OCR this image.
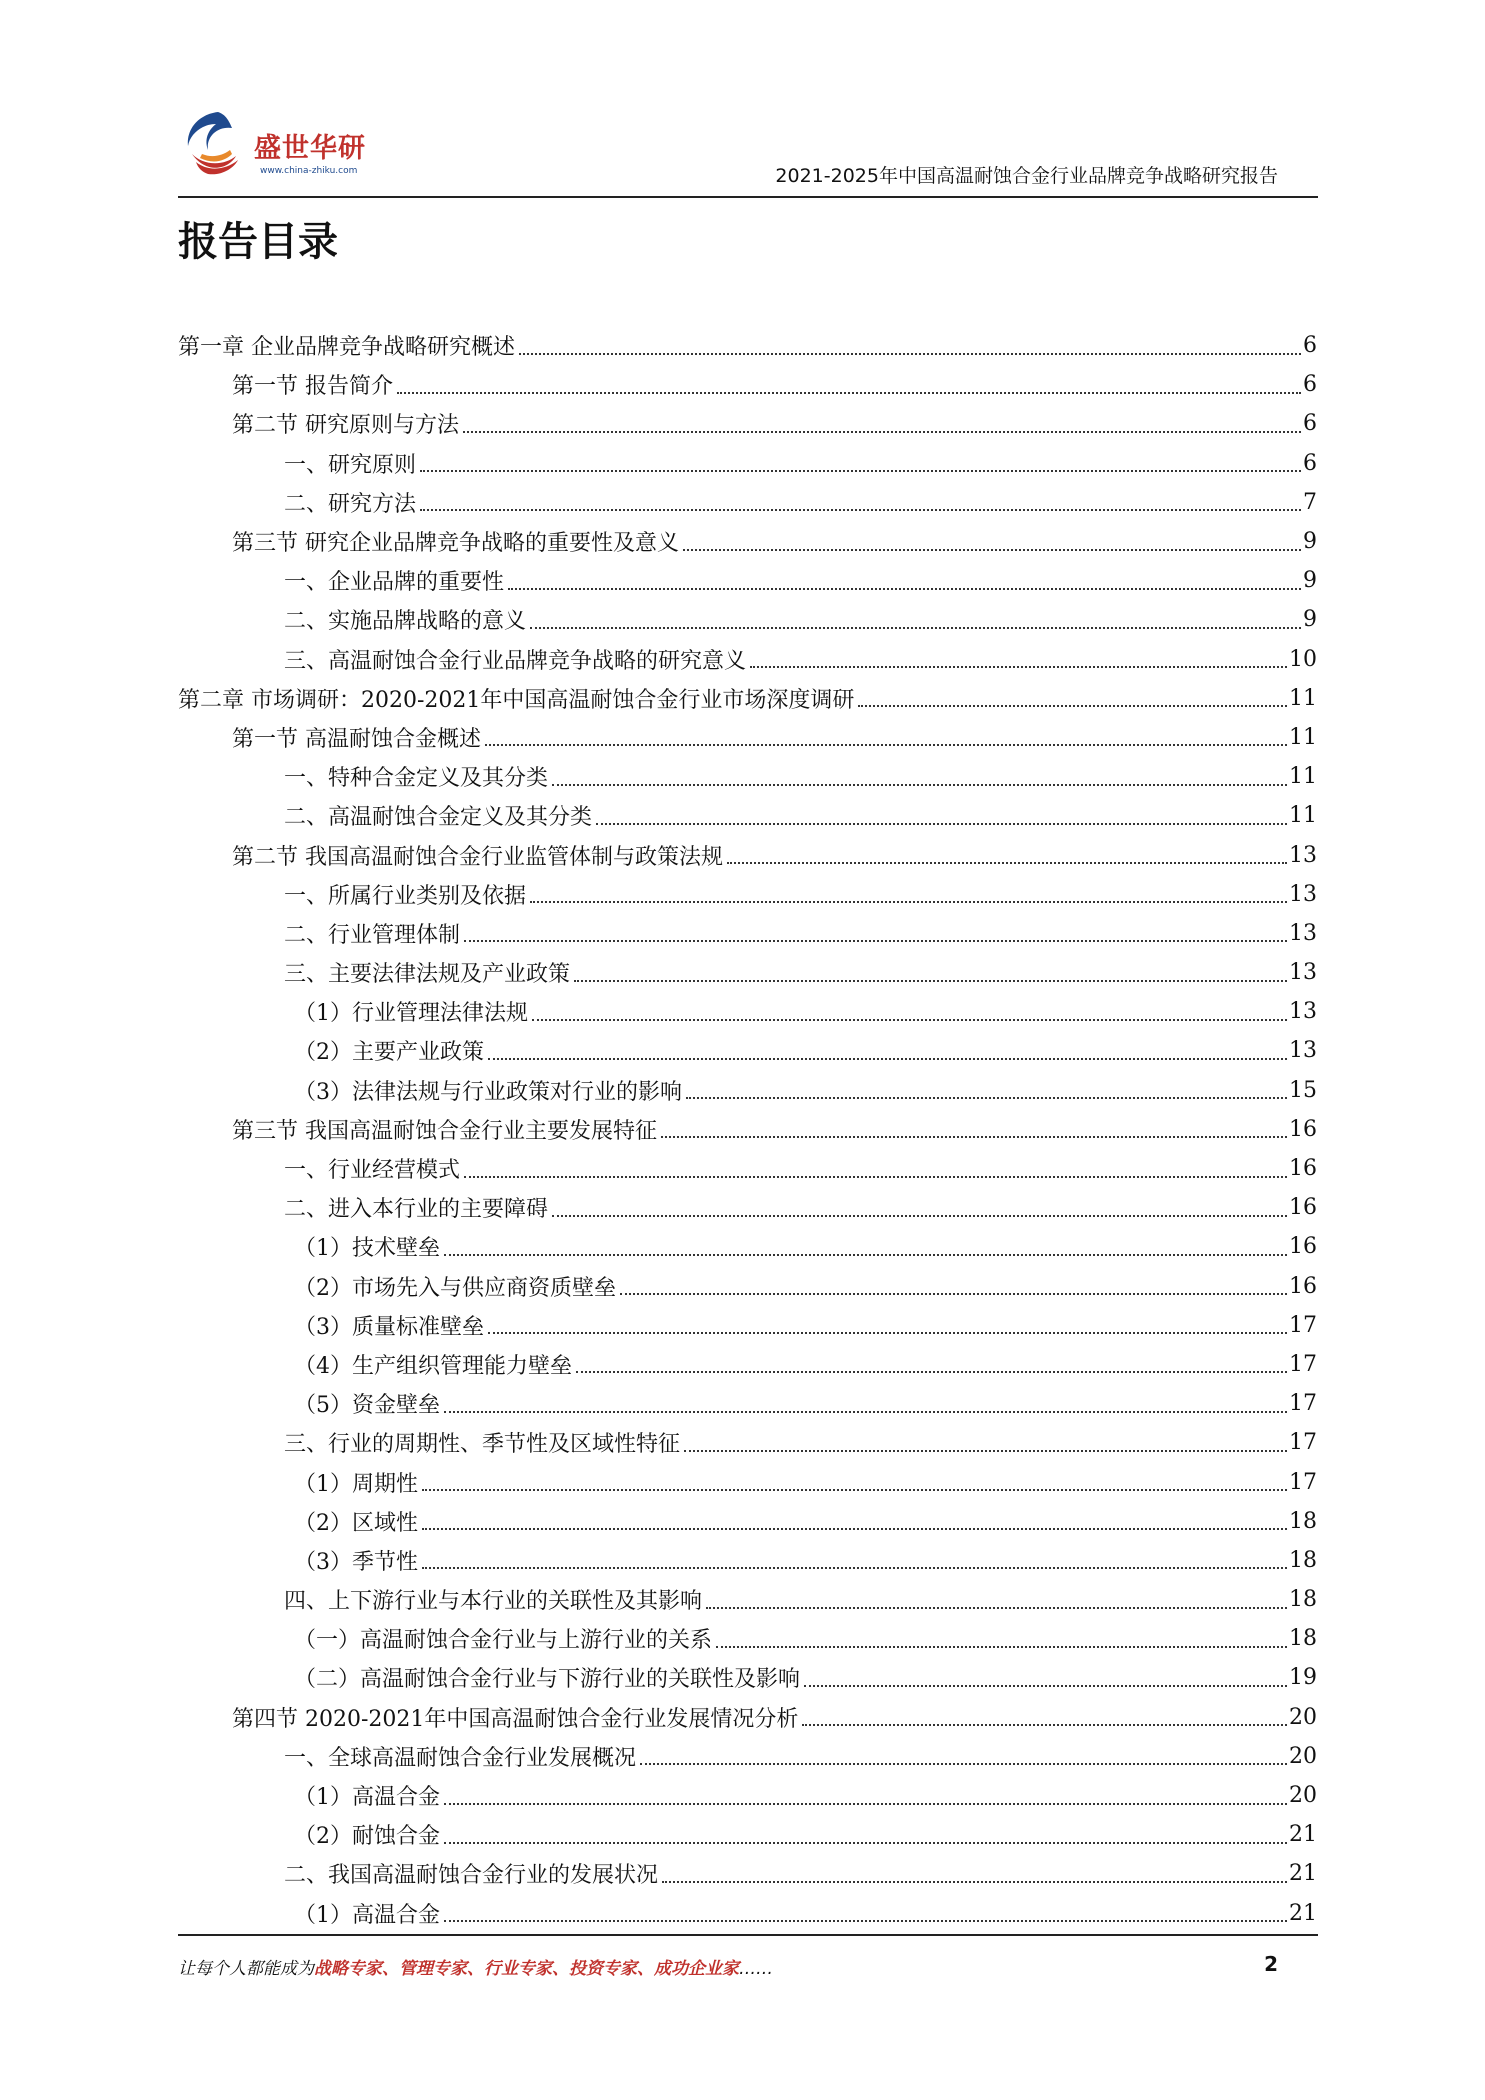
盛世华研
www.china-zhiku.com	2021-2025年中国高温耐蚀合金行业品牌竞争战略研究报告
报告目录
第一章 企业品牌竞争战略研究概述	6
第一节 报告简介	6
第二节 研究原则与方法	6
一、研究原则	6
二、研究方法	7
第三节 研究企业品牌竞争战略的重要性及意义	9
一、企业品牌的重要性	9
二、实施品牌战略的意义	9
三、高温耐蚀合金行业品牌竞争战略的研究意义	10
第二章 市场调研：2020-2021年中国高温耐蚀合金行业市场深度调研	11
第一节 高温耐蚀合金概述	11
一、特种合金定义及其分类	11
二、高温耐蚀合金定义及其分类	11
第二节 我国高温耐蚀合金行业监管体制与政策法规	13
一、所属行业类别及依据	13
二、行业管理体制	13
三、主要法律法规及产业政策	13
（1）行业管理法律法规	13
（2）主要产业政策	13
（3）法律法规与行业政策对行业的影响	15
第三节 我国高温耐蚀合金行业主要发展特征	16
一、行业经营模式	16
二、进入本行业的主要障碍	16
（1）技术壁垒	16
（2）市场先入与供应商资质壁垒	16
（3）质量标准壁垒	17
（4）生产组织管理能力壁垒	17
（5）资金壁垒	17
三、行业的周期性、季节性及区域性特征	17
（1）周期性	17
（2）区域性	18
（3）季节性	18
四、上下游行业与本行业的关联性及其影响	18
（一）高温耐蚀合金行业与上游行业的关系	18
（二）高温耐蚀合金行业与下游行业的关联性及影响	19
第四节 2020-2021年中国高温耐蚀合金行业发展情况分析	20
一、全球高温耐蚀合金行业发展概况	20
（1）高温合金	20
（2）耐蚀合金	21
二、我国高温耐蚀合金行业的发展状况	21
（1）高温合金	21
让每个人都能成为战略专家、管理专家、行业专家、投资专家、成功企业家……	2
